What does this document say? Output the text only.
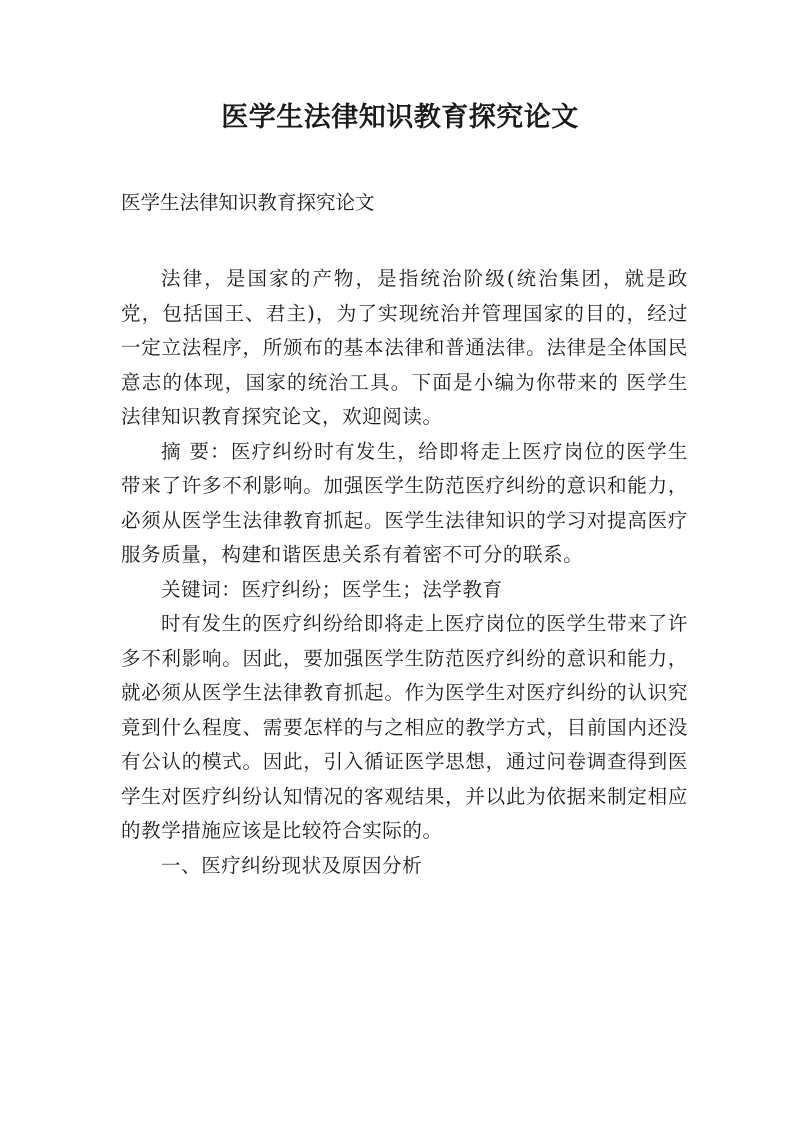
医学生法律知识教育探究论文

医学生法律知识教育探究论文

法律，是国家的产物，是指统治阶级(统治集团，就是政党，包括国王、君主)，为了实现统治并管理国家的目的，经过一定立法程序，所颁布的基本法律和普通法律。法律是全体国民意志的体现，国家的统治工具。下面是小编为你带来的 医学生法律知识教育探究论文，欢迎阅读。

摘 要：医疗纠纷时有发生，给即将走上医疗岗位的医学生带来了许多不利影响。加强医学生防范医疗纠纷的意识和能力，必须从医学生法律教育抓起。医学生法律知识的学习对提高医疗服务质量，构建和谐医患关系有着密不可分的联系。

关键词：医疗纠纷；医学生；法学教育

时有发生的医疗纠纷给即将走上医疗岗位的医学生带来了许多不利影响。因此，要加强医学生防范医疗纠纷的意识和能力，就必须从医学生法律教育抓起。作为医学生对医疗纠纷的认识究竟到什么程度、需要怎样的与之相应的教学方式，目前国内还没有公认的模式。因此，引入循证医学思想，通过问卷调查得到医学生对医疗纠纷认知情况的客观结果，并以此为依据来制定相应的教学措施应该是比较符合实际的。

一、医疗纠纷现状及原因分析
